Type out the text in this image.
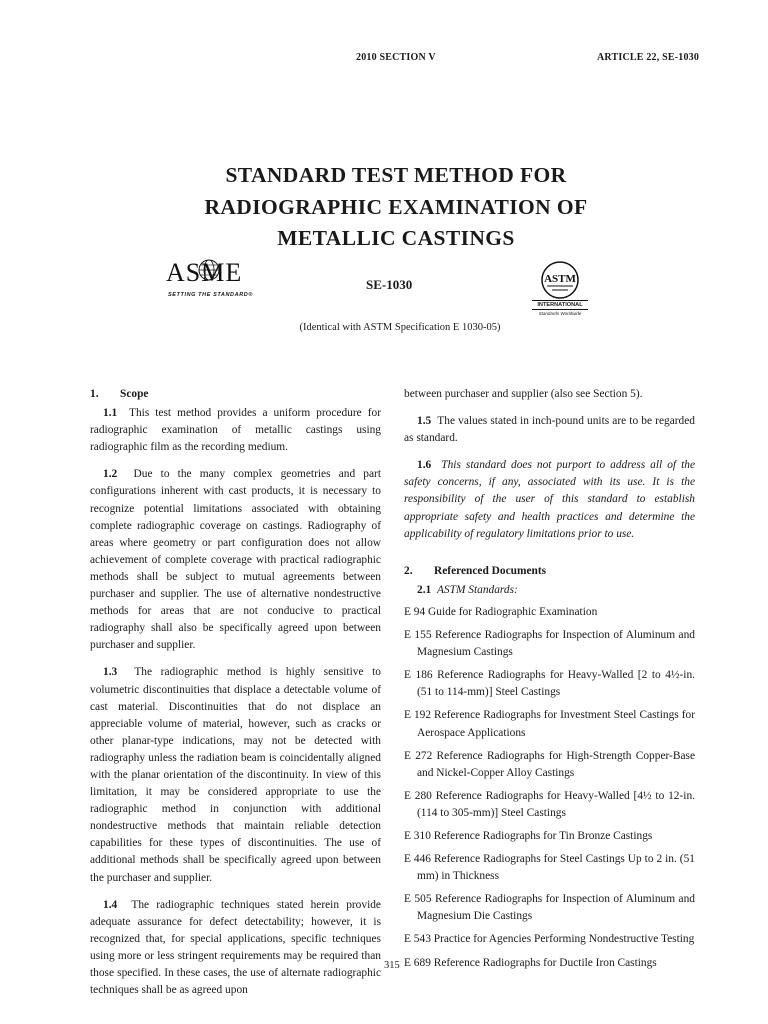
2010 SECTION V	ARTICLE 22, SE-1030
STANDARD TEST METHOD FOR
RADIOGRAPHIC EXAMINATION OF
METALLIC CASTINGS
ASME
SETTING THE STANDARD®
SE-1030	ASTM
INTERNATIONAL
Standards Worldwide
(Identical with ASTM Specification E 1030-05)
1. Scope

1.1 This test method provides a uniform procedure for radiographic examination of metallic castings using radiographic film as the recording medium.

1.2 Due to the many complex geometries and part configurations inherent with cast products, it is necessary to recognize potential limitations associated with obtaining complete radiographic coverage on castings. Radiography of areas where geometry or part configuration does not allow achievement of complete coverage with practical radiographic methods shall be subject to mutual agreements between purchaser and supplier. The use of alternative nondestructive methods for areas that are not conducive to practical radiography shall also be specifically agreed upon between purchaser and supplier.

1.3 The radiographic method is highly sensitive to volumetric discontinuities that displace a detectable volume of cast material. Discontinuities that do not displace an appreciable volume of material, however, such as cracks or other planar-type indications, may not be detected with radiography unless the radiation beam is coincidentally aligned with the planar orientation of the discontinuity. In view of this limitation, it may be considered appropriate to use the radiographic method in conjunction with additional nondestructive methods that maintain reliable detection capabilities for these types of discontinuities. The use of additional methods shall be specifically agreed upon between the purchaser and supplier.

1.4 The radiographic techniques stated herein provide adequate assurance for defect detectability; however, it is recognized that, for special applications, specific techniques using more or less stringent requirements may be required than those specified. In these cases, the use of alternate radiographic techniques shall be as agreed upon

between purchaser and supplier (also see Section 5).

1.5 The values stated in inch-pound units are to be regarded as standard.

1.6 This standard does not purport to address all of the safety concerns, if any, associated with its use. It is the responsibility of the user of this standard to establish appropriate safety and health practices and determine the applicability of regulatory limitations prior to use.

2. Referenced Documents
2.1 ASTM Standards:
E 94 Guide for Radiographic Examination
E 155 Reference Radiographs for Inspection of Aluminum and Magnesium Castings
E 186 Reference Radiographs for Heavy-Walled [2 to 4½-in. (51 to 114-mm)] Steel Castings
E 192 Reference Radiographs for Investment Steel Castings for Aerospace Applications
E 272 Reference Radiographs for High-Strength Copper-Base and Nickel-Copper Alloy Castings
E 280 Reference Radiographs for Heavy-Walled [4½ to 12-in. (114 to 305-mm)] Steel Castings
E 310 Reference Radiographs for Tin Bronze Castings
E 446 Reference Radiographs for Steel Castings Up to 2 in. (51 mm) in Thickness
E 505 Reference Radiographs for Inspection of Aluminum and Magnesium Die Castings
E 543 Practice for Agencies Performing Nondestructive Testing
E 689 Reference Radiographs for Ductile Iron Castings
315
